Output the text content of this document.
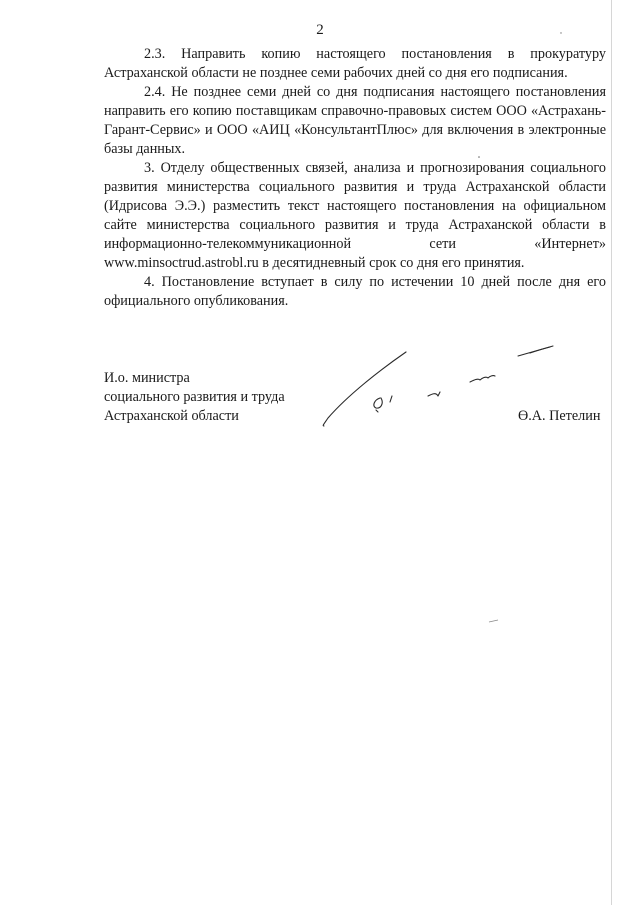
2

2.3. Направить копию настоящего постановления в прокуратуру Астраханской области не позднее семи рабочих дней со дня его подписания.

2.4. Не позднее семи дней со дня подписания настоящего постановления направить его копию поставщикам справочно-правовых систем ООО «Астрахань-Гарант-Сервис» и ООО «АИЦ «КонсультантПлюс» для включения в электронные базы данных.

3. Отделу общественных связей, анализа и прогнозирования социального развития министерства социального развития и труда Астраханской области (Идрисова Э.Э.) разместить текст настоящего постановления на официальном сайте министерства социального развития и труда Астраханской области в информационно-телекоммуникационной сети «Интернет» www.minsoctrud.astrobl.ru в десятидневный срок со дня его принятия.

4. Постановление вступает в силу по истечении 10 дней после дня его официального опубликования.

И.о. министра
социального развития и труда
Астраханской области	Ө.А. Петелин
